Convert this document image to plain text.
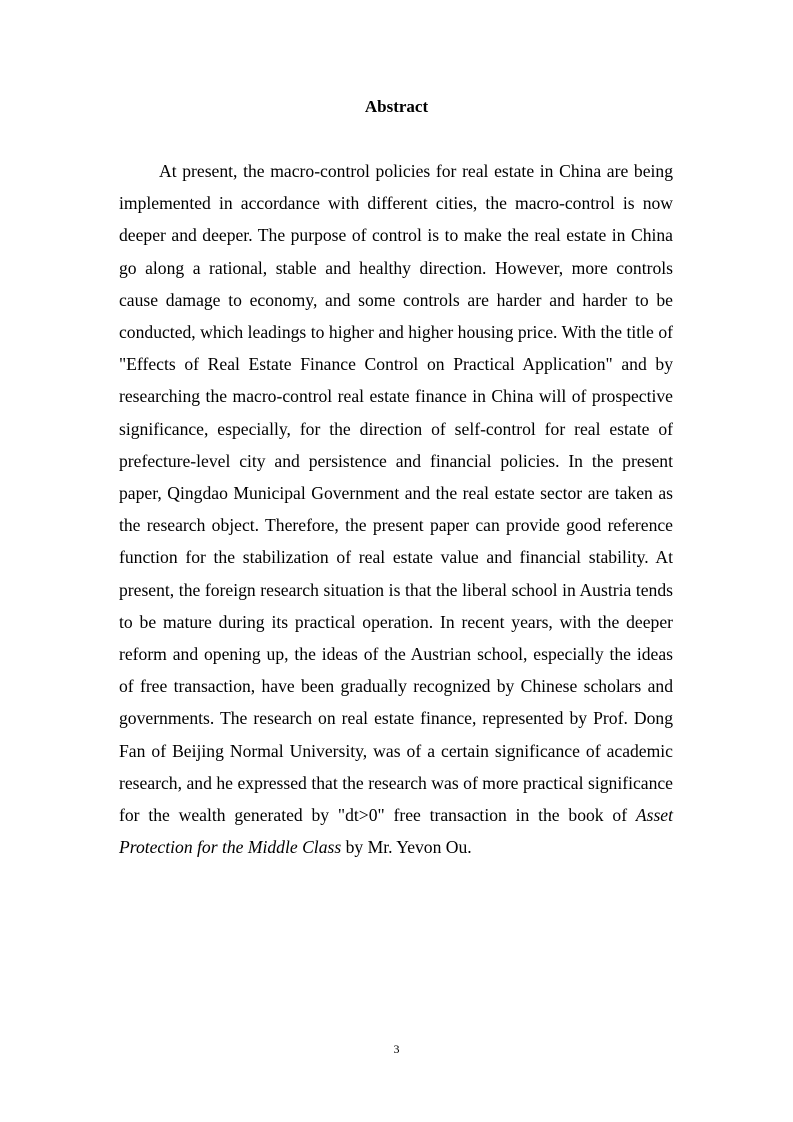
Abstract

At present, the macro-control policies for real estate in China are being implemented in accordance with different cities, the macro-control is now deeper and deeper. The purpose of control is to make the real estate in China go along a rational, stable and healthy direction. However, more controls cause damage to economy, and some controls are harder and harder to be conducted, which leadings to higher and higher housing price. With the title of "Effects of Real Estate Finance Control on Practical Application" and by researching the macro-control real estate finance in China will of prospective significance, especially, for the direction of self-control for real estate of prefecture-level city and persistence and financial policies. In the present paper, Qingdao Municipal Government and the real estate sector are taken as the research object. Therefore, the present paper can provide good reference function for the stabilization of real estate value and financial stability. At present, the foreign research situation is that the liberal school in Austria tends to be mature during its practical operation. In recent years, with the deeper reform and opening up, the ideas of the Austrian school, especially the ideas of free transaction, have been gradually recognized by Chinese scholars and governments. The research on real estate finance, represented by Prof. Dong Fan of Beijing Normal University, was of a certain significance of academic research, and he expressed that the research was of more practical significance for the wealth generated by "dt>0" free transaction in the book of Asset Protection for the Middle Class by Mr. Yevon Ou.

3
